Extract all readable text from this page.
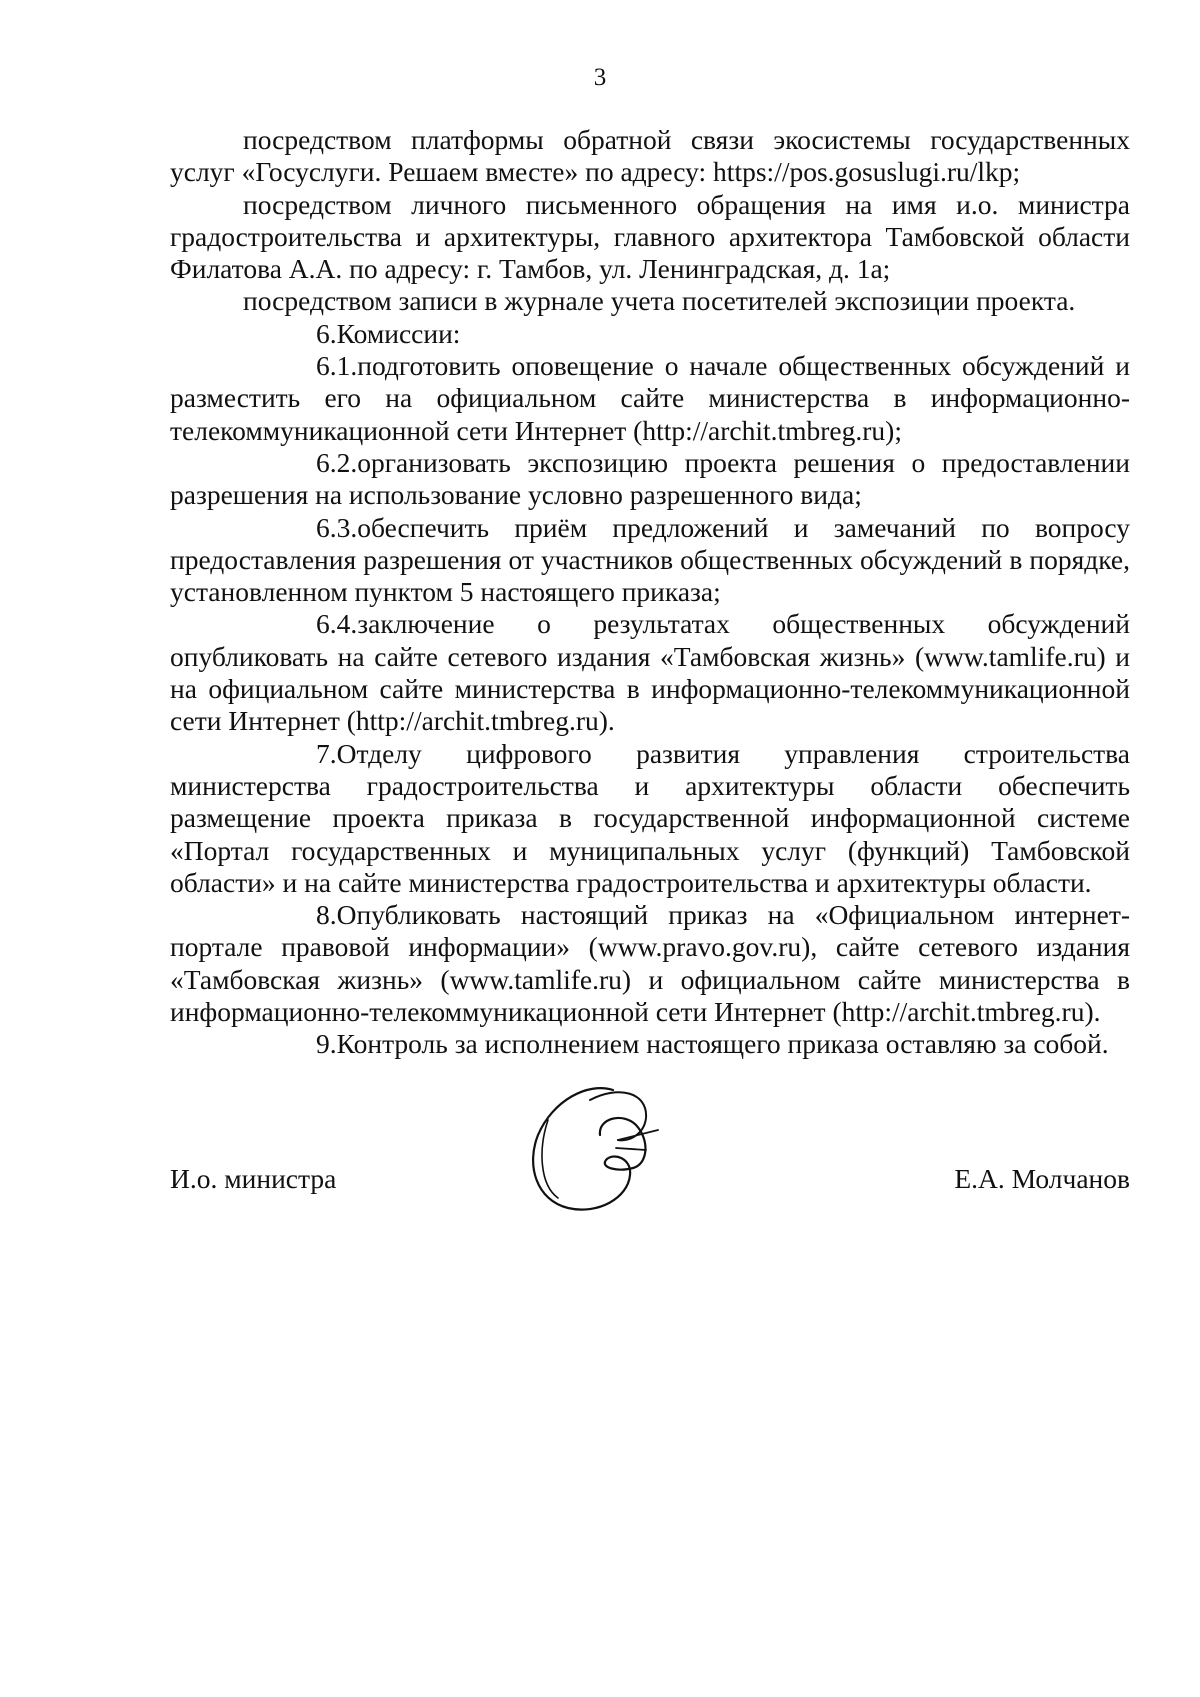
3

посредством платформы обратной связи экосистемы государственных услуг «Госуслуги. Решаем вместе» по адресу: https://pos.gosuslugi.ru/lkp;

посредством личного письменного обращения на имя и.о. министра градостроительства и архитектуры, главного архитектора Тамбовской области Филатова А.А. по адресу: г. Тамбов, ул. Ленинградская, д. 1а;

посредством записи в журнале учета посетителей экспозиции проекта.

6.Комиссии:

6.1.подготовить оповещение о начале общественных обсуждений и разместить его на официальном сайте министерства в информационно-телекоммуникационной сети Интернет (http://archit.tmbreg.ru);

6.2.организовать экспозицию проекта решения о предоставлении разрешения на использование условно разрешенного вида;

6.3.обеспечить приём предложений и замечаний по вопросу предоставления разрешения от участников общественных обсуждений в порядке, установленном пунктом 5 настоящего приказа;

6.4.заключение о результатах общественных обсуждений опубликовать на сайте сетевого издания «Тамбовская жизнь» (www.tamlife.ru) и на официальном сайте министерства в информационно-телекоммуникационной сети Интернет (http://archit.tmbreg.ru).

7.Отделу цифрового развития управления строительства министерства градостроительства и архитектуры области обеспечить размещение проекта приказа в государственной информационной системе «Портал государственных и муниципальных услуг (функций) Тамбовской области» и на сайте министерства градостроительства и архитектуры области.

8.Опубликовать настоящий приказ на «Официальном интернет-портале правовой информации» (www.pravo.gov.ru), сайте сетевого издания «Тамбовская жизнь» (www.tamlife.ru) и официальном сайте министерства в информационно-телекоммуникационной сети Интернет (http://archit.tmbreg.ru).

9.Контроль за исполнением настоящего приказа оставляю за собой.

И.о. министра	Е.А. Молчанов
